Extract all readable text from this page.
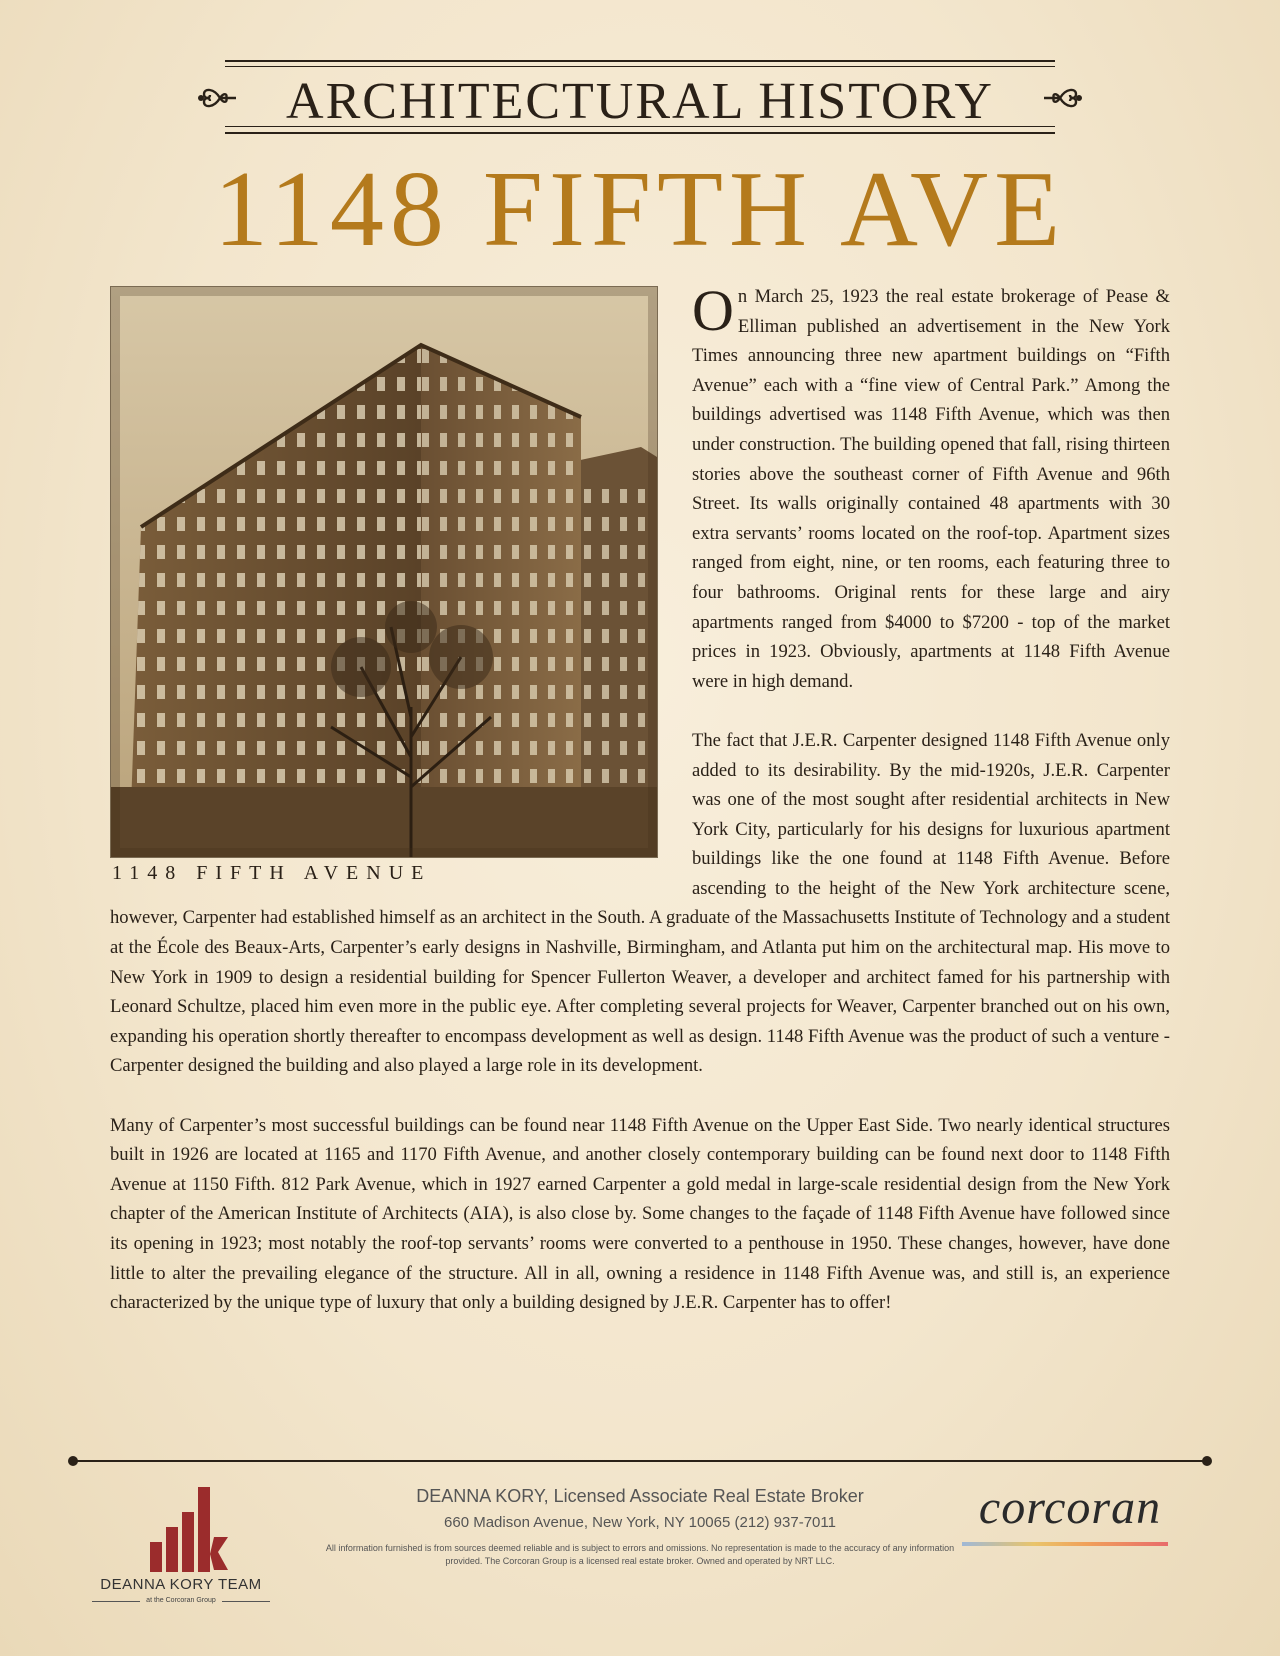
ARCHITECTURAL HISTORY
1148 FIFTH AVE
1148 FIFTH AVENUE

On March 25, 1923 the real estate brokerage of Pease & Elliman published an advertisement in the New York Times announcing three new apartment buildings on “Fifth Avenue” each with a “fine view of Central Park.” Among the buildings advertised was 1148 Fifth Avenue, which was then under construction. The building opened that fall, rising thirteen stories above the southeast corner of Fifth Avenue and 96th Street. Its walls originally contained 48 apartments with 30 extra servants’ rooms located on the roof-top. Apartment sizes ranged from eight, nine, or ten rooms, each featuring three to four bathrooms. Original rents for these large and airy apartments ranged from $4000 to $7200 - top of the market prices in 1923. Obviously, apartments at 1148 Fifth Avenue were in high demand.

The fact that J.E.R. Carpenter designed 1148 Fifth Avenue only added to its desirability. By the mid-1920s, J.E.R. Carpenter was one of the most sought after residential architects in New York City, particularly for his designs for luxurious apartment buildings like the one found at 1148 Fifth Avenue. Before ascending to the height of the New York architecture scene, however, Carpenter had established himself as an architect in the South. A graduate of the Massachusetts Institute of Technology and a student at the École des Beaux-Arts, Carpenter’s early designs in Nashville, Birmingham, and Atlanta put him on the architectural map. His move to New York in 1909 to design a residential building for Spencer Fullerton Weaver, a developer and architect famed for his partnership with Leonard Schultze, placed him even more in the public eye. After completing several projects for Weaver, Carpenter branched out on his own, expanding his operation shortly thereafter to encompass development as well as design. 1148 Fifth Avenue was the product of such a venture - Carpenter designed the building and also played a large role in its development.

Many of Carpenter’s most successful buildings can be found near 1148 Fifth Avenue on the Upper East Side. Two nearly identical structures built in 1926 are located at 1165 and 1170 Fifth Avenue, and another closely contemporary building can be found next door to 1148 Fifth Avenue at 1150 Fifth. 812 Park Avenue, which in 1927 earned Carpenter a gold medal in large-scale residential design from the New York chapter of the American Institute of Architects (AIA), is also close by. Some changes to the façade of 1148 Fifth Avenue have followed since its opening in 1923; most notably the roof-top servants’ rooms were converted to a penthouse in 1950. These changes, however, have done little to alter the prevailing elegance of the structure. All in all, owning a residence in 1148 Fifth Avenue was, and still is, an experience characterized by the unique type of luxury that only a building designed by J.E.R. Carpenter has to offer!

DEANNA KORY TEAM
at the Corcoran Group
DEANNA KORY, Licensed Associate Real Estate Broker
660 Madison Avenue, New York, NY 10065 (212) 937-7011
All information furnished is from sources deemed reliable and is subject to errors and omissions. No representation is made to the accuracy of any information provided. The Corcoran Group is a licensed real estate broker. Owned and operated by NRT LLC.
corcoran
